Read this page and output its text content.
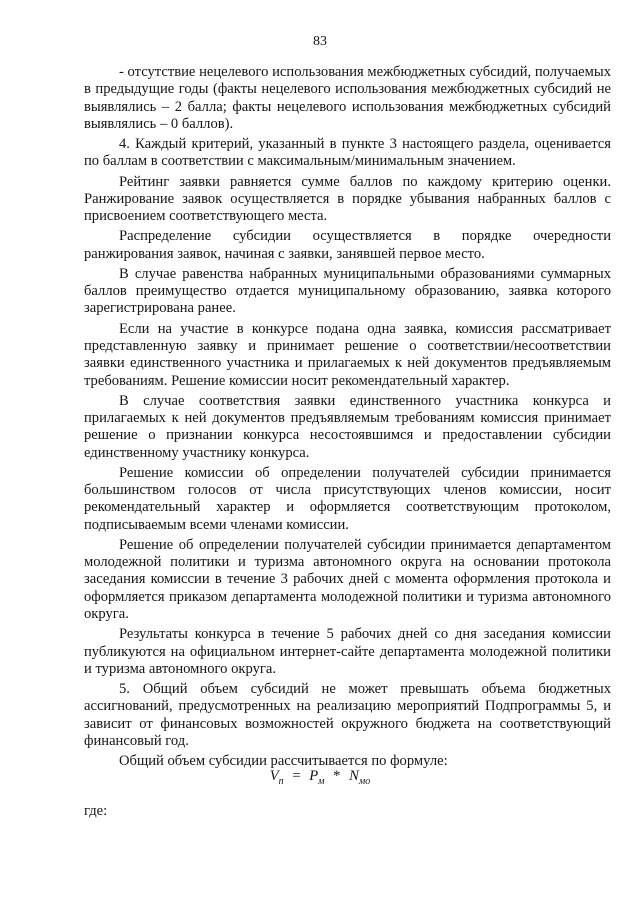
83

- отсутствие нецелевого использования межбюджетных субсидий, получаемых в предыдущие годы (факты нецелевого использования межбюджетных субсидий не выявлялись – 2 балла; факты нецелевого использования межбюджетных субсидий выявлялись – 0 баллов).

4. Каждый критерий, указанный в пункте 3 настоящего раздела, оценивается по баллам в соответствии с максимальным/минимальным значением.

Рейтинг заявки равняется сумме баллов по каждому критерию оценки. Ранжирование заявок осуществляется в порядке убывания набранных баллов с присвоением соответствующего места.

Распределение субсидии осуществляется в порядке очередности ранжирования заявок, начиная с заявки, занявшей первое место.

В случае равенства набранных муниципальными образованиями суммарных баллов преимущество отдается муниципальному образованию, заявка которого зарегистрирована ранее.

Если на участие в конкурсе подана одна заявка, комиссия рассматривает представленную заявку и принимает решение о соответствии/несоответствии заявки единственного участника и прилагаемых к ней документов предъявляемым требованиям. Решение комиссии носит рекомендательный характер.

В случае соответствия заявки единственного участника конкурса и прилагаемых к ней документов предъявляемым требованиям комиссия принимает решение о признании конкурса несостоявшимся и предоставлении субсидии единственному участнику конкурса.

Решение комиссии об определении получателей субсидии принимается большинством голосов от числа присутствующих членов комиссии, носит рекомендательный характер и оформляется соответствующим протоколом, подписываемым всеми членами комиссии.

Решение об определении получателей субсидии принимается департаментом молодежной политики и туризма автономного округа на основании протокола заседания комиссии в течение 3 рабочих дней с момента оформления протокола и оформляется приказом департамента молодежной политики и туризма автономного округа.

Результаты конкурса в течение 5 рабочих дней со дня заседания комиссии публикуются на официальном интернет-сайте департамента молодежной политики и туризма автономного округа.

5. Общий объем субсидий не может превышать объема бюджетных ассигнований, предусмотренных на реализацию мероприятий Подпрограммы 5, и зависит от финансовых возможностей окружного бюджета на соответствующий финансовый год.

Общий объем субсидии рассчитывается по формуле:

$V_п = P_м * N_{мо}$
где:
